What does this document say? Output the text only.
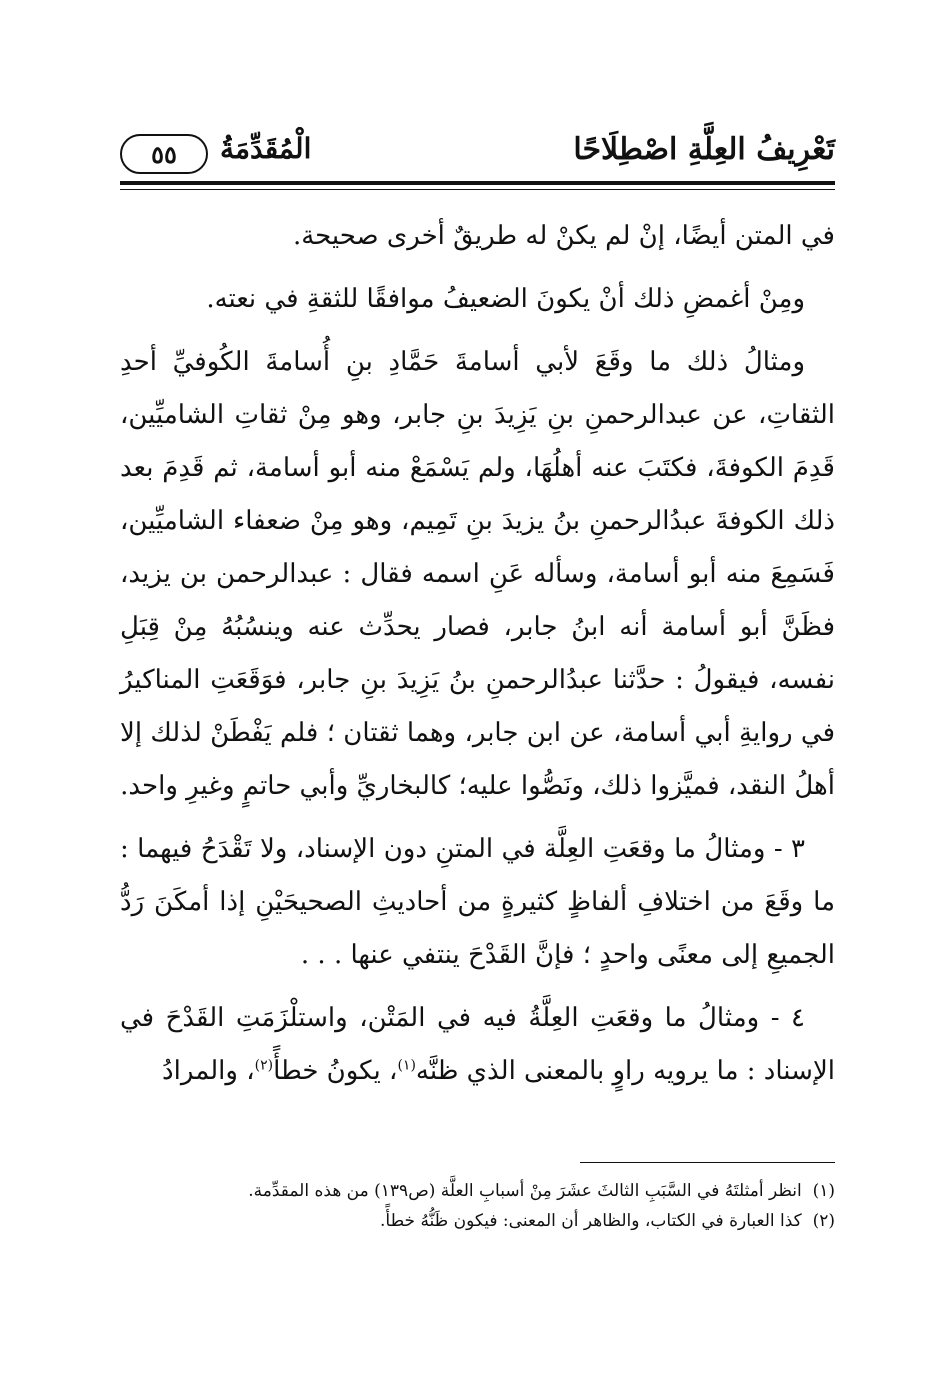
تَعْرِيفُ العِلَّةِ اصْطِلَاحًا
الْمُقَدِّمَةُ
٥٥

في المتن أيضًا، إنْ لم يكنْ له طريقٌ أخرى صحيحة.

ومِنْ أغمضِ ذلك أنْ يكونَ الضعيفُ موافقًا للثقةِ في نعته.

ومثالُ ذلك ما وقَعَ لأبي أسامةَ حَمَّادِ بنِ أُسامةَ الكُوفيِّ أحدِ الثقاتِ، عن عبدالرحمنِ بنِ يَزِيدَ بنِ جابر، وهو مِنْ ثقاتِ الشاميِّين، قَدِمَ الكوفةَ، فكتَبَ عنه أهلُهَا، ولم يَسْمَعْ منه أبو أسامة، ثم قَدِمَ بعد ذلك الكوفةَ عبدُالرحمنِ بنُ يزيدَ بنِ تَمِيم، وهو مِنْ ضعفاء الشاميِّين، فَسَمِعَ منه أبو أسامة، وسأله عَنِ اسمه فقال : عبدالرحمن بن يزيد، فظَنَّ أبو أسامة أنه ابنُ جابر، فصار يحدِّث عنه وينسُبُهُ مِنْ قِبَلِ نفسه، فيقولُ : حدَّثنا عبدُالرحمنِ بنُ يَزِيدَ بنِ جابر، فوَقَعَتِ المناكيرُ في روايةِ أبي أسامة، عن ابن جابر، وهما ثقتان ؛ فلم يَفْطَنْ لذلك إلا أهلُ النقد، فميَّزوا ذلك، ونَصُّوا عليه؛ كالبخاريِّ وأبي حاتمٍ وغيرِ واحد.

٣ - ومثالُ ما وقعَتِ العِلَّة في المتنِ دون الإسناد، ولا تَقْدَحُ فيهما : ما وقَعَ من اختلافِ ألفاظٍ كثيرةٍ من أحاديثِ الصحيحَيْنِ إذا أمكَنَ رَدُّ الجميعِ إلى معنًى واحدٍ ؛ فإنَّ القَدْحَ ينتفي عنها . . .

٤ - ومثالُ ما وقعَتِ العِلَّةُ فيه في المَتْن، واستلْزَمَتِ القَدْحَ في الإسناد : ما يرويه راوٍ بالمعنى الذي ظنَّه$^{(١)}$، يكونُ خطأً$^{(٢)}$، والمرادُ

(١)  انظر أمثلتَهُ في السَّبَبِ الثالثَ عشَرَ مِنْ أسبابِ العلَّة (ص١٣٩) من هذه المقدِّمة.

(٢)  كذا العبارة في الكتاب، والظاهر أن المعنى: فيكون ظَنُّهُ خطأً.
